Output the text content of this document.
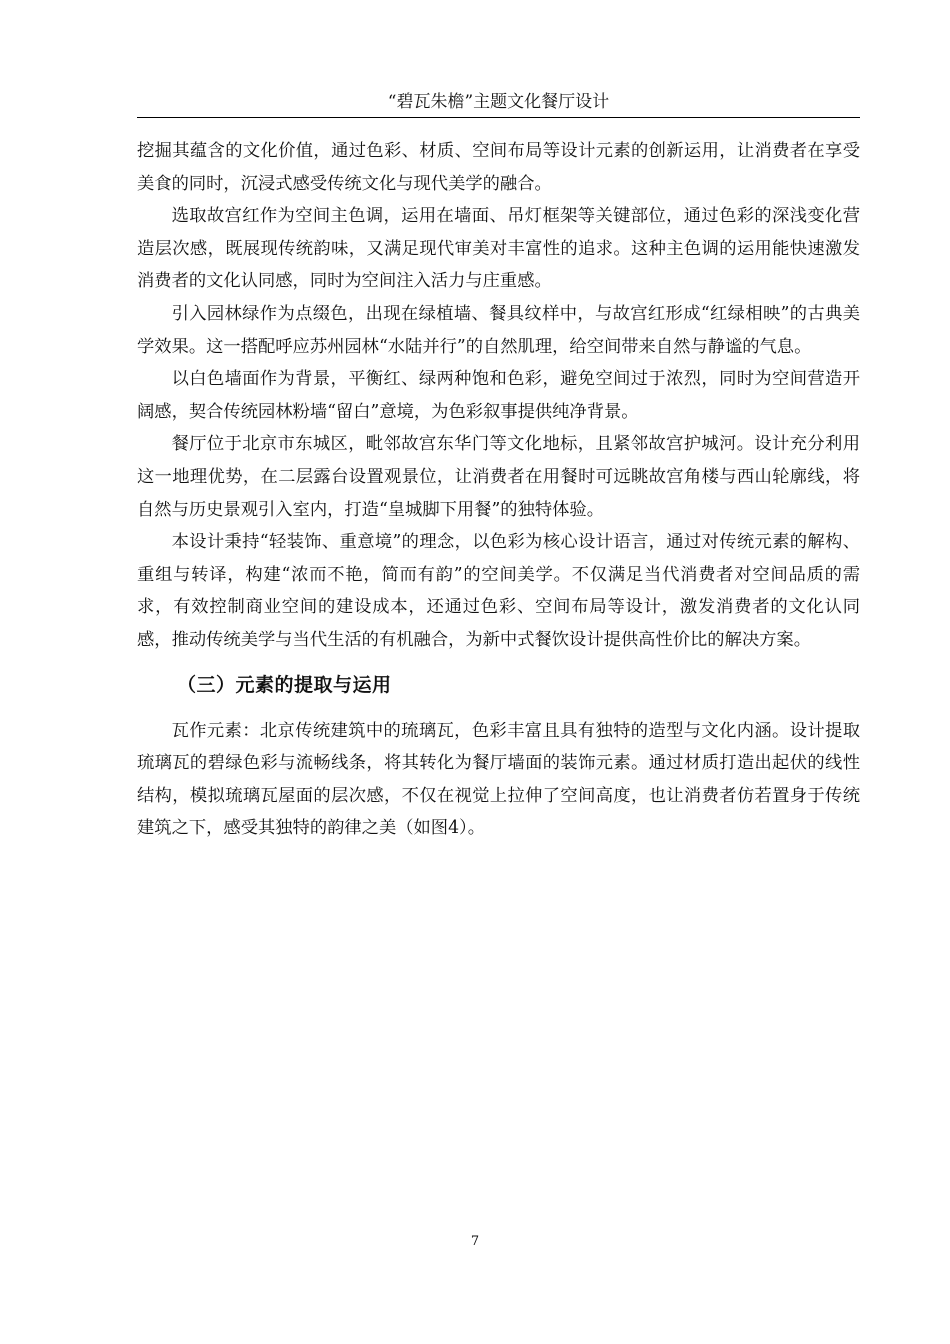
“碧瓦朱檐”主题文化餐厅设计

挖掘其蕴含的文化价值，通过色彩、材质、空间布局等设计元素的创新运用，让消费者在享受美食的同时，沉浸式感受传统文化与现代美学的融合。

选取故宫红作为空间主色调，运用在墙面、吊灯框架等关键部位，通过色彩的深浅变化营造层次感，既展现传统韵味，又满足现代审美对丰富性的追求。这种主色调的运用能快速激发消费者的文化认同感，同时为空间注入活力与庄重感。

引入园林绿作为点缀色，出现在绿植墙、餐具纹样中，与故宫红形成“红绿相映”的古典美学效果。这一搭配呼应苏州园林“水陆并行”的自然肌理，给空间带来自然与静谧的气息。

以白色墙面作为背景，平衡红、绿两种饱和色彩，避免空间过于浓烈，同时为空间营造开阔感，契合传统园林粉墙“留白”意境，为色彩叙事提供纯净背景。

餐厅位于北京市东城区，毗邻故宫东华门等文化地标，且紧邻故宫护城河。设计充分利用这一地理优势，在二层露台设置观景位，让消费者在用餐时可远眺故宫角楼与西山轮廓线，将自然与历史景观引入室内，打造“皇城脚下用餐”的独特体验。

本设计秉持“轻装饰、重意境”的理念，以色彩为核心设计语言，通过对传统元素的解构、重组与转译，构建“浓而不艳，简而有韵”的空间美学。不仅满足当代消费者对空间品质的需求，有效控制商业空间的建设成本，还通过色彩、空间布局等设计，激发消费者的文化认同感，推动传统美学与当代生活的有机融合，为新中式餐饮设计提供高性价比的解决方案。

（三）元素的提取与运用

瓦作元素：北京传统建筑中的琉璃瓦，色彩丰富且具有独特的造型与文化内涵。设计提取琉璃瓦的碧绿色彩与流畅线条，将其转化为餐厅墙面的装饰元素。通过材质打造出起伏的线性结构，模拟琉璃瓦屋面的层次感，不仅在视觉上拉伸了空间高度，也让消费者仿若置身于传统建筑之下，感受其独特的韵律之美（如图4）。

7
